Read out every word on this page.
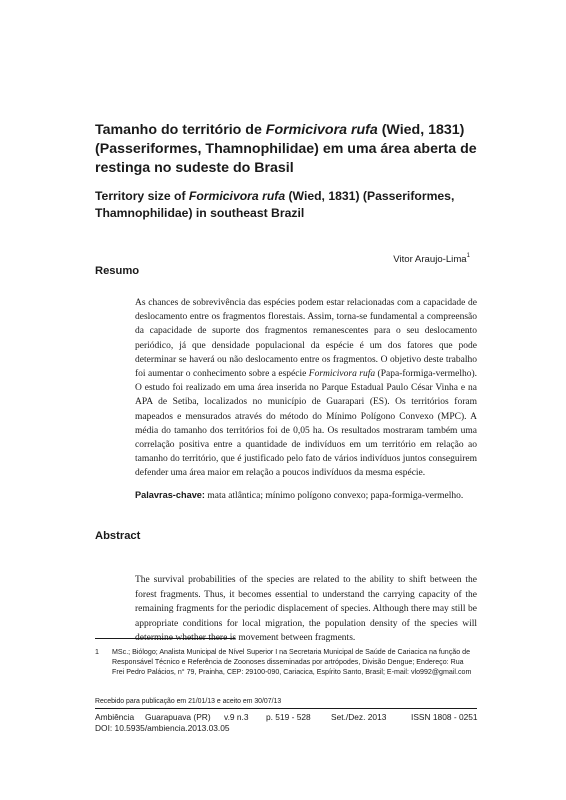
Tamanho do território de Formicivora rufa (Wied, 1831) (Passeriformes, Thamnophilidae) em uma área aberta de restinga no sudeste do Brasil
Territory size of Formicivora rufa (Wied, 1831) (Passeriformes, Thamnophilidae) in southeast Brazil
Vitor Araujo-Lima$^1$
Resumo
As chances de sobrevivência das espécies podem estar relacionadas com a capacidade de deslocamento entre os fragmentos florestais. Assim, torna-se fundamental a compreensão da capacidade de suporte dos fragmentos remanescentes para o seu deslocamento periódico, já que densidade populacional da espécie é um dos fatores que pode determinar se haverá ou não deslocamento entre os fragmentos. O objetivo deste trabalho foi aumentar o conhecimento sobre a espécie Formicivora rufa (Papa-formiga-vermelho). O estudo foi realizado em uma área inserida no Parque Estadual Paulo César Vinha e na APA de Setiba, localizados no município de Guarapari (ES). Os territórios foram mapeados e mensurados através do método do Mínimo Polígono Convexo (MPC). A média do tamanho dos territórios foi de 0,05 ha. Os resultados mostraram também uma correlação positiva entre a quantidade de indivíduos em um território em relação ao tamanho do território, que é justificado pelo fato de vários indivíduos juntos conseguirem defender uma área maior em relação a poucos indivíduos da mesma espécie.
Palavras-chave: mata atlântica; mínimo polígono convexo; papa-formiga-vermelho.
Abstract
The survival probabilities of the species are related to the ability to shift between the forest fragments. Thus, it becomes essential to understand the carrying capacity of the remaining fragments for the periodic displacement of species. Although there may still be appropriate conditions for local migration, the population density of the species will determine whether there is movement between fragments.
1 MSc.; Biólogo; Analista Municipal de Nível Superior I na Secretaria Municipal de Saúde de Cariacica na função de Responsável Técnico e Referência de Zoonoses disseminadas por artrópodes, Divisão Dengue; Endereço: Rua Frei Pedro Palácios, n° 79, Prainha, CEP: 29100-090, Cariacica, Espírito Santo, Brasil; E-mail: vlo992@gmail.com
Recebido para publicação em 21/01/13 e aceito em 30/07/13
Ambiência Guarapuava (PR) v.9 n.3 p. 519 - 528 Set./Dez. 2013	ISSN 1808 - 0251
DOI: 10.5935/ambiencia.2013.03.05
